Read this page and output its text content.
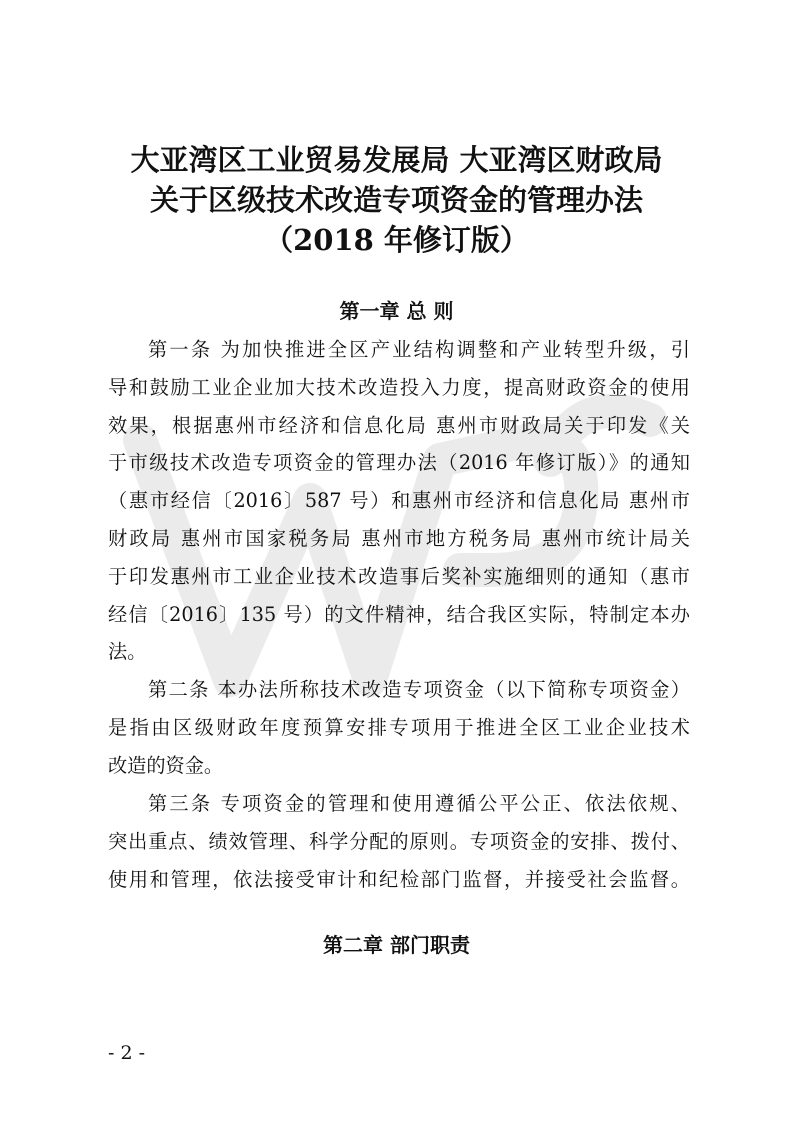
大亚湾区工业贸易发展局 大亚湾区财政局
关于区级技术改造专项资金的管理办法
（2018 年修订版）
第一章 总 则
第一条 为加快推进全区产业结构调整和产业转型升级，引
导和鼓励工业企业加大技术改造投入力度，提高财政资金的使用
效果，根据惠州市经济和信息化局 惠州市财政局关于印发《关
于市级技术改造专项资金的管理办法（2016 年修订版）》的通知
（惠市经信〔2016〕587 号）和惠州市经济和信息化局 惠州市
财政局 惠州市国家税务局 惠州市地方税务局 惠州市统计局关
于印发惠州市工业企业技术改造事后奖补实施细则的通知（惠市
经信〔2016〕135 号）的文件精神，结合我区实际，特制定本办
法。
第二条 本办法所称技术改造专项资金（以下简称专项资金）
是指由区级财政年度预算安排专项用于推进全区工业企业技术
改造的资金。
第三条 专项资金的管理和使用遵循公平公正、依法依规、
突出重点、绩效管理、科学分配的原则。专项资金的安排、拨付、
使用和管理，依法接受审计和纪检部门监督，并接受社会监督。
第二章 部门职责
- 2 -
